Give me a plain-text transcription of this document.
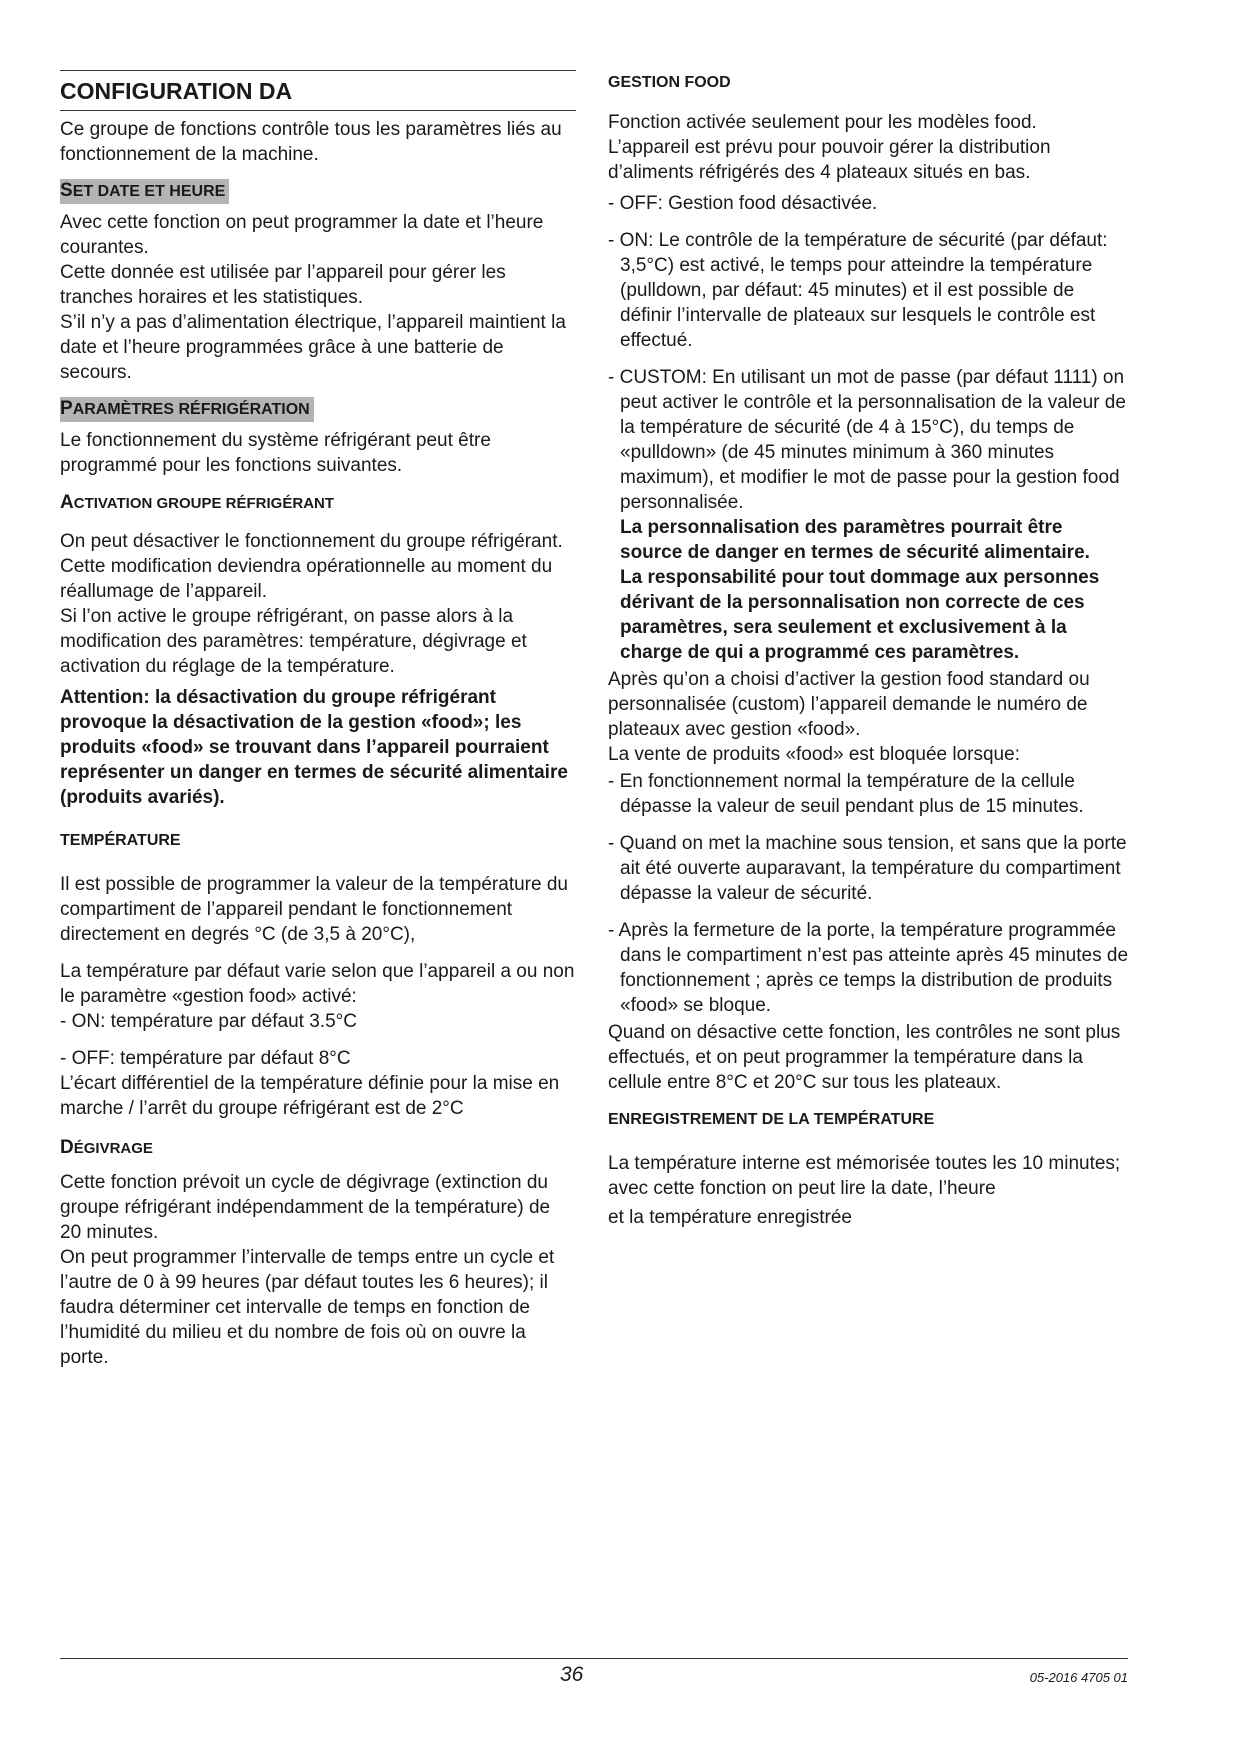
CONFIGURATION DA

Ce groupe de fonctions contrôle tous les paramètres liés au fonctionnement de la machine.

SET DATE ET HEURE

Avec cette fonction on peut programmer la date et l’heure courantes.

Cette donnée est utilisée par l’appareil pour gérer les tranches horaires et les statistiques.

S’il n’y a pas d’alimentation électrique, l’appareil maintient la date et l’heure programmées grâce à une batterie de secours.

PARAMÈTRES RÉFRIGÉRATION

Le fonctionnement du système réfrigérant peut être programmé pour les fonctions suivantes.

ACTIVATION GROUPE RÉFRIGÉRANT

On peut désactiver le fonctionnement du groupe réfrigérant. Cette modification deviendra opérationnelle au moment du réallumage de l’appareil.

Si l’on active le groupe réfrigérant, on passe alors à la modification des paramètres: température, dégivrage et activation du réglage de la température.

Attention: la désactivation du groupe réfrigérant provoque la désactivation de la gestion «food»; les produits «food» se trouvant dans l’appareil pourraient représenter un danger en termes de sécurité alimentaire (produits avariés).

TEMPÉRATURE

Il est possible de programmer la valeur de la température du compartiment de l’appareil pendant le fonctionnement directement en degrés °C (de 3,5 à 20°C),

La température par défaut varie selon que l’appareil a ou non le paramètre «gestion food» activé:

- ON: température par défaut 3.5°C

- OFF: température par défaut 8°C

L’écart différentiel de la température définie pour la mise en marche / l’arrêt du groupe réfrigérant est de 2°C

DÉGIVRAGE

Cette fonction prévoit un cycle de dégivrage (extinction du groupe réfrigérant indépendamment de la température) de 20 minutes.

On peut programmer l’intervalle de temps entre un cycle et l’autre de 0 à 99 heures (par défaut toutes les 6 heures); il faudra déterminer cet intervalle de temps en fonction de l’humidité du milieu et du nombre de fois où on ouvre la porte.

GESTION FOOD

Fonction activée seulement pour les modèles food.

L’appareil est prévu pour pouvoir gérer la distribution d’aliments réfrigérés des 4 plateaux situés en bas.

- OFF: Gestion food désactivée.

- ON: Le contrôle de la température de sécurité (par défaut: 3,5°C) est activé, le temps pour atteindre la température (pulldown, par défaut: 45 minutes) et il est possible de définir l’intervalle de plateaux sur lesquels le contrôle est effectué.

- CUSTOM: En utilisant un mot de passe (par défaut 1111) on peut activer le contrôle et la personnalisation de la valeur de la température de sécurité (de 4 à 15°C), du temps de «pulldown» (de 45 minutes minimum à 360 minutes maximum), et modifier le mot de passe pour la gestion food personnalisée.

La personnalisation des paramètres pourrait être source de danger en termes de sécurité alimentaire.

La responsabilité pour tout dommage aux personnes dérivant de la personnalisation non correcte de ces paramètres, sera seulement et exclusivement à la charge de qui a programmé ces paramètres.

Après qu’on a choisi d’activer la gestion food standard ou personnalisée (custom) l’appareil demande le numéro de plateaux avec gestion «food».

La vente de produits «food» est bloquée lorsque:

- En fonctionnement normal la température de la cellule dépasse la valeur de seuil pendant plus de 15 minutes.

- Quand on met la machine sous tension, et sans que la porte ait été ouverte auparavant, la température du compartiment dépasse la valeur de sécurité.

- Après la fermeture de la porte, la température programmée dans le compartiment n’est pas atteinte après 45 minutes de fonctionnement ; après ce temps la distribution de produits «food» se bloque.

Quand on désactive cette fonction, les contrôles ne sont plus effectués, et on peut programmer la température dans la cellule entre 8°C et 20°C sur tous les plateaux.

ENREGISTREMENT DE LA TEMPÉRATURE

La température interne est mémorisée toutes les 10 minutes; avec cette fonction on peut lire la date, l’heure

et la température enregistrée

36	05-2016 4705 01
